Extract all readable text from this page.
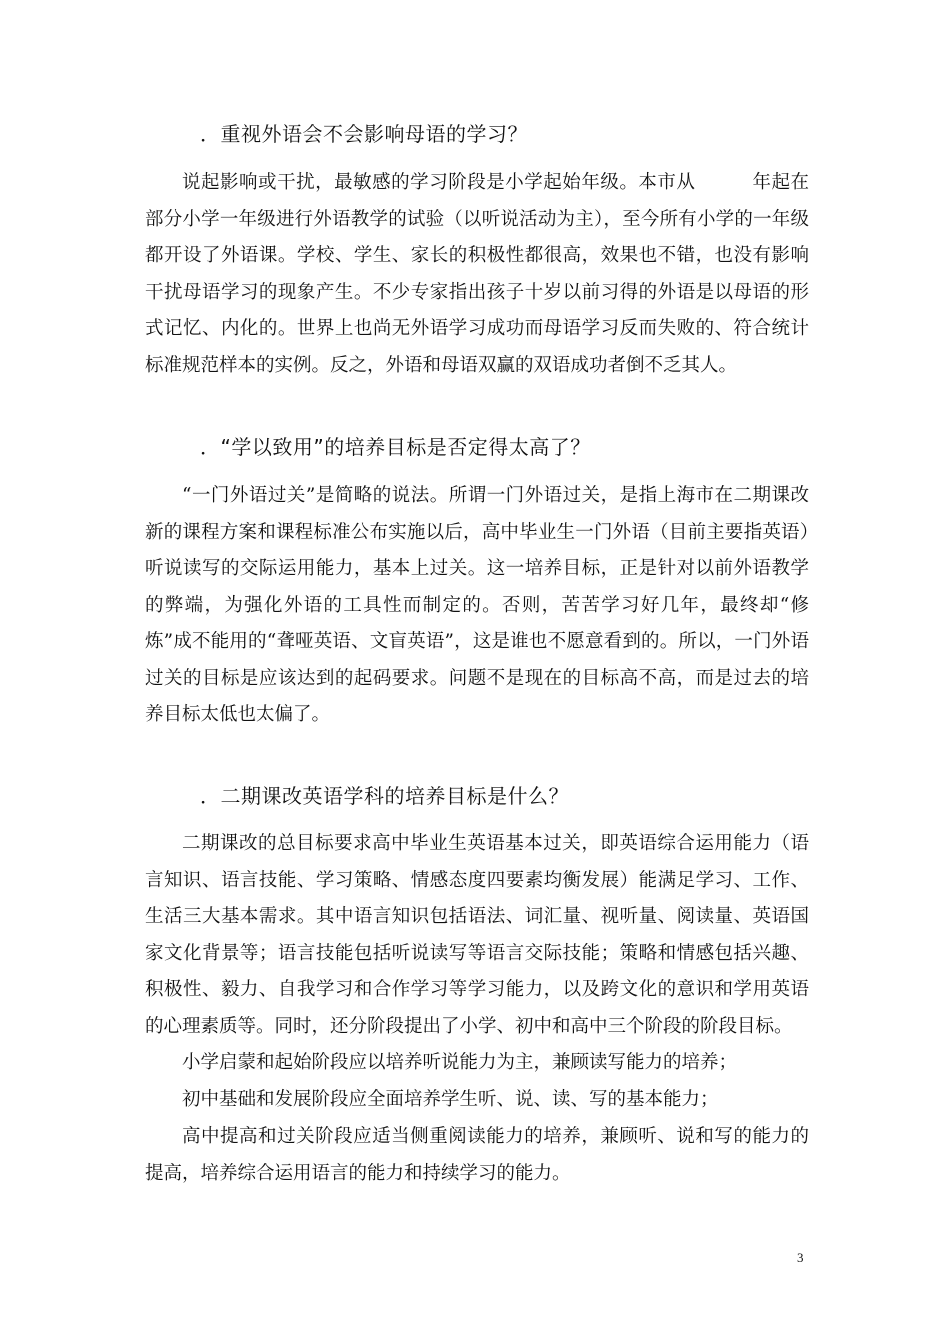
．重视外语会不会影响母语的学习？

说起影响或干扰，最敏感的学习阶段是小学起始年级。本市从　　　年起在部分小学一年级进行外语教学的试验（以听说活动为主），至今所有小学的一年级都开设了外语课。学校、学生、家长的积极性都很高，效果也不错，也没有影响干扰母语学习的现象产生。不少专家指出孩子十岁以前习得的外语是以母语的形式记忆、内化的。世界上也尚无外语学习成功而母语学习反而失败的、符合统计标准规范样本的实例。反之，外语和母语双赢的双语成功者倒不乏其人。

．“学以致用”的培养目标是否定得太高了？

“一门外语过关”是简略的说法。所谓一门外语过关，是指上海市在二期课改新的课程方案和课程标准公布实施以后，高中毕业生一门外语（目前主要指英语）听说读写的交际运用能力，基本上过关。这一培养目标，正是针对以前外语教学的弊端，为强化外语的工具性而制定的。否则，苦苦学习好几年，最终却“修炼”成不能用的“聋哑英语、文盲英语”，这是谁也不愿意看到的。所以，一门外语过关的目标是应该达到的起码要求。问题不是现在的目标高不高，而是过去的培养目标太低也太偏了。

．二期课改英语学科的培养目标是什么？

二期课改的总目标要求高中毕业生英语基本过关，即英语综合运用能力（语言知识、语言技能、学习策略、情感态度四要素均衡发展）能满足学习、工作、生活三大基本需求。其中语言知识包括语法、词汇量、视听量、阅读量、英语国家文化背景等；语言技能包括听说读写等语言交际技能；策略和情感包括兴趣、积极性、毅力、自我学习和合作学习等学习能力，以及跨文化的意识和学用英语的心理素质等。同时，还分阶段提出了小学、初中和高中三个阶段的阶段目标。

小学启蒙和起始阶段应以培养听说能力为主，兼顾读写能力的培养；

初中基础和发展阶段应全面培养学生听、说、读、写的基本能力；

高中提高和过关阶段应适当侧重阅读能力的培养，兼顾听、说和写的能力的提高，培养综合运用语言的能力和持续学习的能力。

3
